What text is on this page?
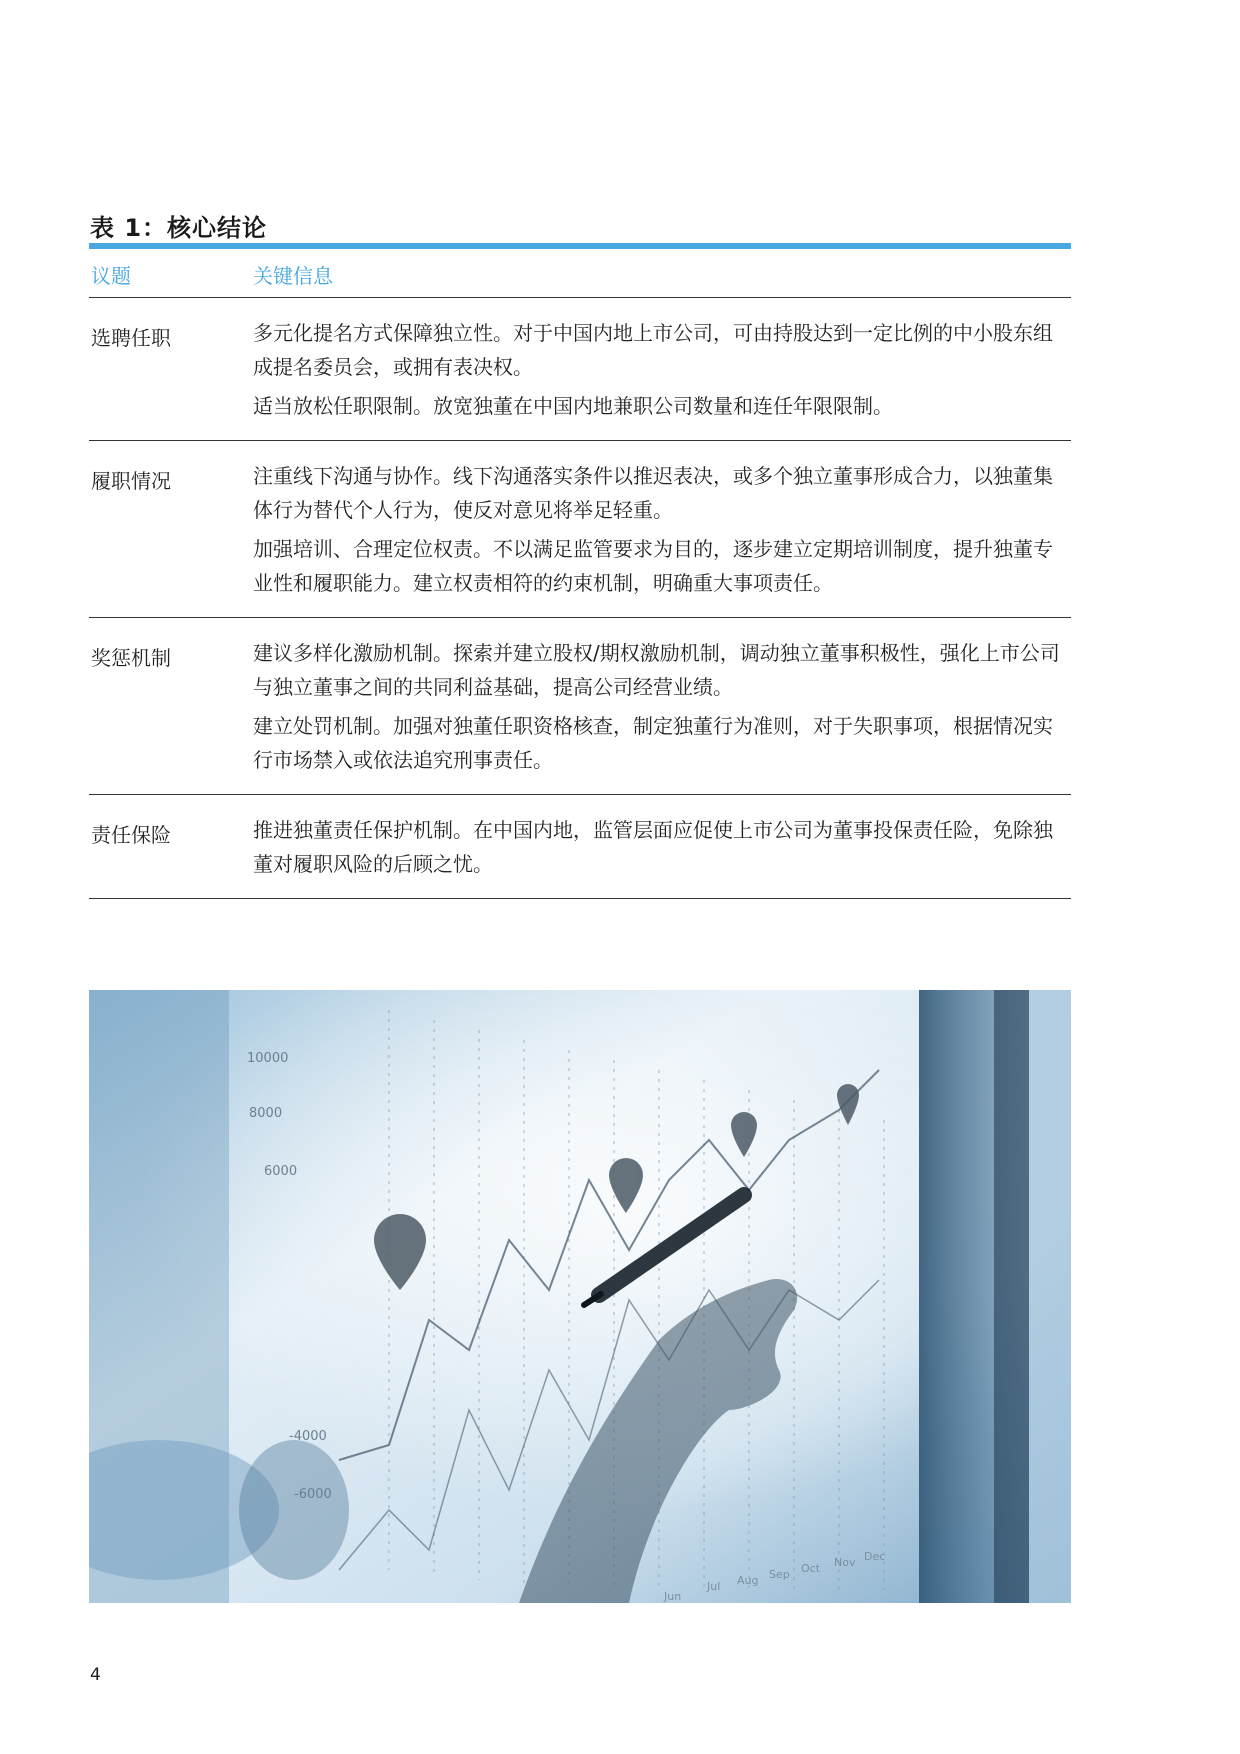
表 1：核心结论
议题	关键信息
选聘任职	多元化提名方式保障独立性。对于中国内地上市公司，可由持股达到一定比例的中小股东组成提名委员会，或拥有表决权。
适当放松任职限制。放宽独董在中国内地兼职公司数量和连任年限限制。
履职情况	注重线下沟通与协作。线下沟通落实条件以推迟表决，或多个独立董事形成合力，以独董集体行为替代个人行为，使反对意见将举足轻重。
加强培训、合理定位权责。不以满足监管要求为目的，逐步建立定期培训制度，提升独董专业性和履职能力。建立权责相符的约束机制，明确重大事项责任。
奖惩机制	建议多样化激励机制。探索并建立股权/期权激励机制，调动独立董事积极性，强化上市公司与独立董事之间的共同利益基础，提高公司经营业绩。
建立处罚机制。加强对独董任职资格核查，制定独董行为准则，对于失职事项，根据情况实行市场禁入或依法追究刑事责任。
责任保险	推进独董责任保护机制。在中国内地，监管层面应促使上市公司为董事投保责任险，免除独董对履职风险的后顾之忧。
10000
8000
6000
-4000
-6000
Jun
Jul Aug Sep Oct Nov Dec
4
